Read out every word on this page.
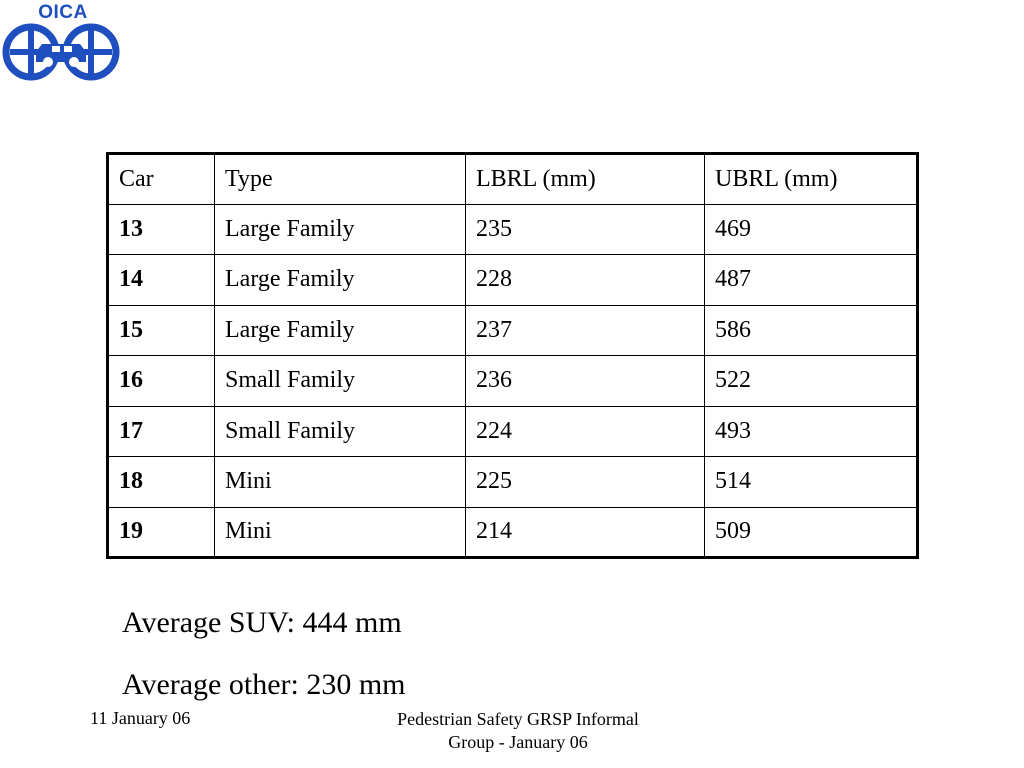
OICA
Car	Type	LBRL (mm)	UBRL (mm)
13	Large Family	235	469
14	Large Family	228	487
15	Large Family	237	586
16	Small Family	236	522
17	Small Family	224	493
18	Mini	225	514
19	Mini	214	509
Average SUV: 444 mm
Average other: 230 mm
11 January 06	Pedestrian Safety GRSP Informal
Group - January 06
